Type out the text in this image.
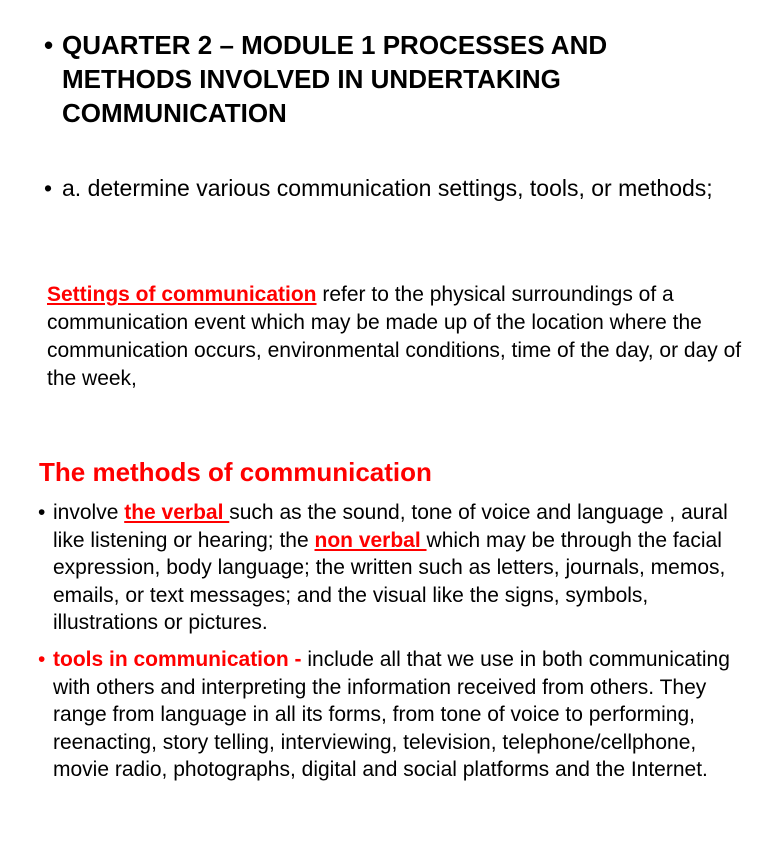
• QUARTER 2 – MODULE 1 PROCESSES AND METHODS INVOLVED IN UNDERTAKING COMMUNICATION
• a. determine various communication settings, tools, or methods;
Settings of communication refer to the physical surroundings of a communication event which may be made up of the location where the communication occurs, environmental conditions, time of the day, or day of the week,
The methods of communication
• involve the verbal such as the sound, tone of voice and language , aural like listening or hearing; the non verbal which may be through the facial expression, body language; the written such as letters, journals, memos, emails, or text messages; and the visual like the signs, symbols, illustrations or pictures.
• tools in communication - include all that we use in both communicating with others and interpreting the information received from others. They range from language in all its forms, from tone of voice to performing, reenacting, story telling, interviewing, television, telephone/cellphone, movie radio, photographs, digital and social platforms and the Internet.
